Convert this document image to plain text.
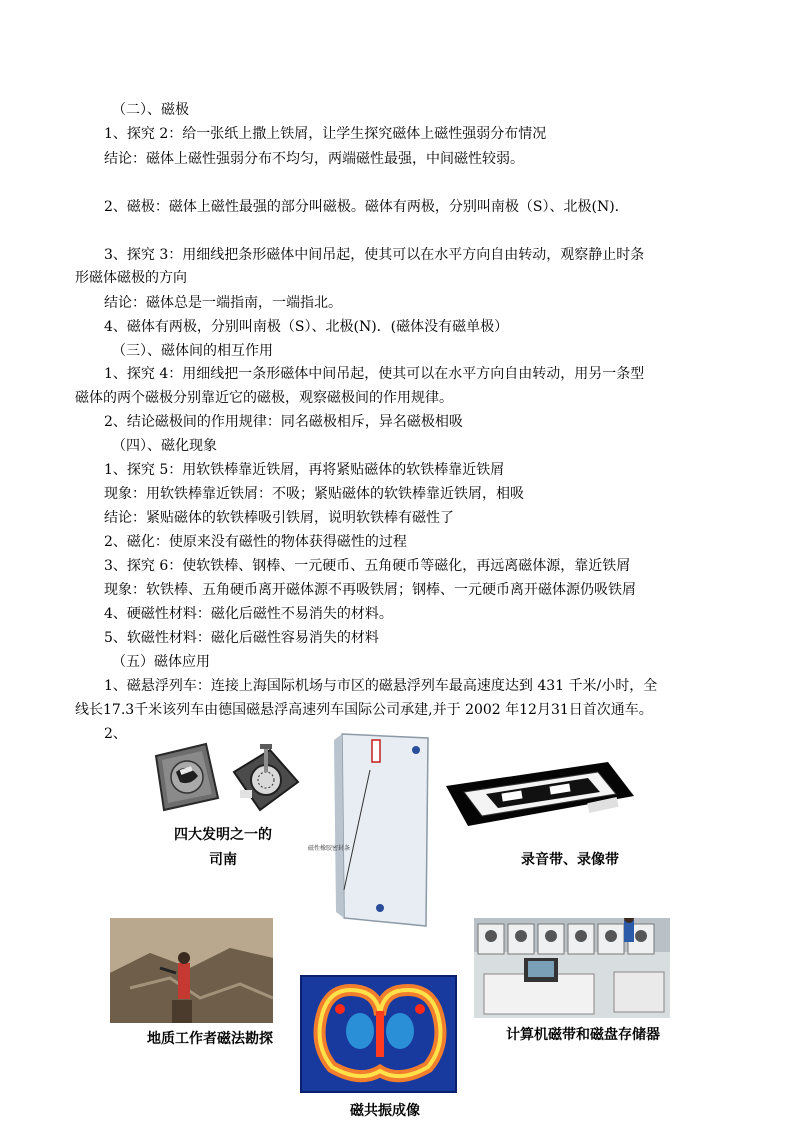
（二）、磁极
1、探究 2：给一张纸上撒上铁屑，让学生探究磁体上磁性强弱分布情况
结论：磁体上磁性强弱分布不均匀，两端磁性最强，中间磁性较弱。
2、磁极：磁体上磁性最强的部分叫磁极。磁体有两极，分别叫南极（S）、北极(N).
3、探究 3：用细线把条形磁体中间吊起，使其可以在水平方向自由转动，观察静止时条
形磁体磁极的方向
结论：磁体总是一端指南，一端指北。
4、磁体有两极，分别叫南极（S）、北极(N)．(磁体没有磁单极）
（三）、磁体间的相互作用
1、探究 4：用细线把一条形磁体中间吊起，使其可以在水平方向自由转动，用另一条型
磁体的两个磁极分别靠近它的磁极，观察磁极间的作用规律。
2、结论磁极间的作用规律：同名磁极相斥，异名磁极相吸
（四）、磁化现象
1、探究 5：用软铁棒靠近铁屑，再将紧贴磁体的软铁棒靠近铁屑
现象：用软铁棒靠近铁屑：不吸；紧贴磁体的软铁棒靠近铁屑，相吸
结论：紧贴磁体的软铁棒吸引铁屑，说明软铁棒有磁性了
2、磁化：使原来没有磁性的物体获得磁性的过程
3、探究 6：使软铁棒、钢棒、一元硬币、五角硬币等磁化，再远离磁体源，靠近铁屑
现象：软铁棒、五角硬币离开磁体源不再吸铁屑；钢棒、一元硬币离开磁体源仍吸铁屑
4、硬磁性材料：磁化后磁性不易消失的材料。
5、软磁性材料：磁化后磁性容易消失的材料
（五）磁体应用
1、磁悬浮列车：连接上海国际机场与市区的磁悬浮列车最高速度达到 431 千米/小时，全
线长17.3千米该列车由德国磁悬浮高速列车国际公司承建,并于 2002 年12月31日首次通车。
2、
四大发明之一的
司南
磁性橡胶密封条
录音带、录像带
地质工作者磁法勘探
磁共振成像
计算机磁带和磁盘存储器
